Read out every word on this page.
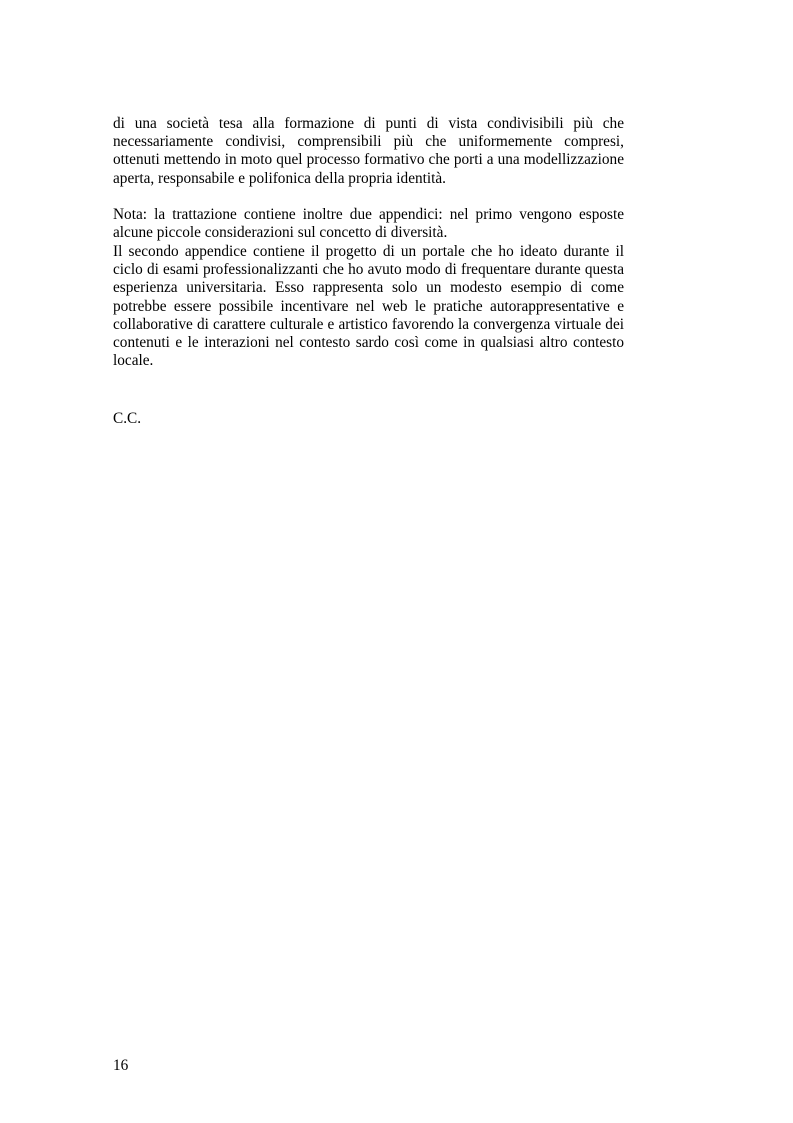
di una società tesa alla formazione di punti di vista condivisibili più che necessariamente condivisi, comprensibili più che uniformemente compresi, ottenuti mettendo in moto quel processo formativo che porti a una modellizzazione aperta, responsabile e polifonica della propria identità.

Nota: la trattazione contiene inoltre due appendici: nel primo vengono esposte alcune piccole considerazioni sul concetto di diversità.

Il secondo appendice contiene il progetto di un portale che ho ideato durante il ciclo di esami professionalizzanti che ho avuto modo di frequentare durante questa esperienza universitaria. Esso rappresenta solo un modesto esempio di come potrebbe essere possibile incentivare nel web le pratiche autorappresentative e collaborative di carattere culturale e artistico favorendo la convergenza virtuale dei contenuti e le interazioni nel contesto sardo così come in qualsiasi altro contesto locale.

C.C.

16
